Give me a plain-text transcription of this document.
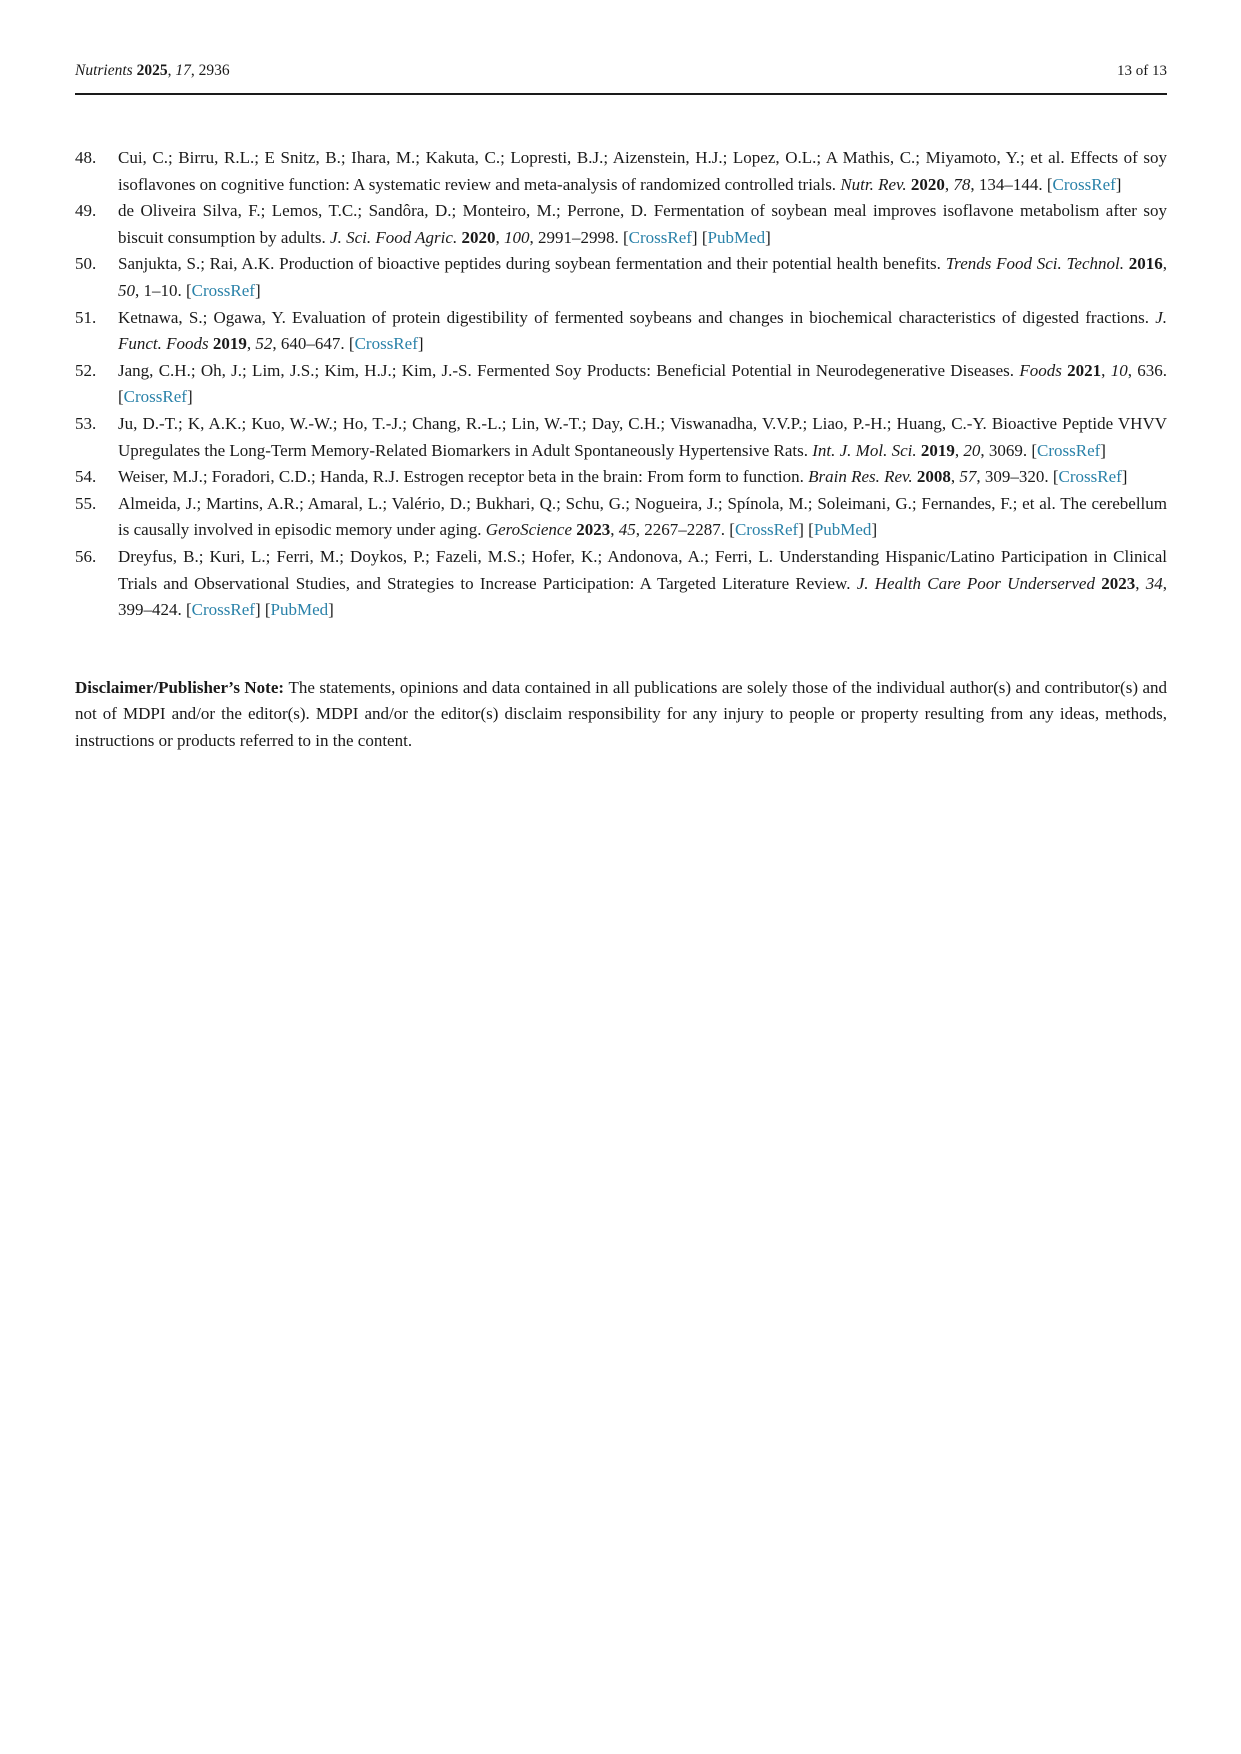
Nutrients 2025, 17, 2936	13 of 13
48.	Cui, C.; Birru, R.L.; E Snitz, B.; Ihara, M.; Kakuta, C.; Lopresti, B.J.; Aizenstein, H.J.; Lopez, O.L.; A Mathis, C.; Miyamoto, Y.; et al. Effects of soy isoflavones on cognitive function: A systematic review and meta-analysis of randomized controlled trials. Nutr. Rev. 2020, 78, 134–144. [CrossRef]

49.	de Oliveira Silva, F.; Lemos, T.C.; Sandôra, D.; Monteiro, M.; Perrone, D. Fermentation of soybean meal improves isoflavone metabolism after soy biscuit consumption by adults. J. Sci. Food Agric. 2020, 100, 2991–2998. [CrossRef] [PubMed]

50.	Sanjukta, S.; Rai, A.K. Production of bioactive peptides during soybean fermentation and their potential health benefits. Trends Food Sci. Technol. 2016, 50, 1–10. [CrossRef]

51.	Ketnawa, S.; Ogawa, Y. Evaluation of protein digestibility of fermented soybeans and changes in biochemical characteristics of digested fractions. J. Funct. Foods 2019, 52, 640–647. [CrossRef]

52.	Jang, C.H.; Oh, J.; Lim, J.S.; Kim, H.J.; Kim, J.-S. Fermented Soy Products: Beneficial Potential in Neurodegenerative Diseases. Foods 2021, 10, 636. [CrossRef]

53.	Ju, D.-T.; K, A.K.; Kuo, W.-W.; Ho, T.-J.; Chang, R.-L.; Lin, W.-T.; Day, C.H.; Viswanadha, V.V.P.; Liao, P.-H.; Huang, C.-Y. Bioactive Peptide VHVV Upregulates the Long-Term Memory-Related Biomarkers in Adult Spontaneously Hypertensive Rats. Int. J. Mol. Sci. 2019, 20, 3069. [CrossRef]

54.	Weiser, M.J.; Foradori, C.D.; Handa, R.J. Estrogen receptor beta in the brain: From form to function. Brain Res. Rev. 2008, 57, 309–320. [CrossRef]

55.	Almeida, J.; Martins, A.R.; Amaral, L.; Valério, D.; Bukhari, Q.; Schu, G.; Nogueira, J.; Spínola, M.; Soleimani, G.; Fernandes, F.; et al. The cerebellum is causally involved in episodic memory under aging. GeroScience 2023, 45, 2267–2287. [CrossRef] [PubMed]

56.	Dreyfus, B.; Kuri, L.; Ferri, M.; Doykos, P.; Fazeli, M.S.; Hofer, K.; Andonova, A.; Ferri, L. Understanding Hispanic/Latino Participation in Clinical Trials and Observational Studies, and Strategies to Increase Participation: A Targeted Literature Review. J. Health Care Poor Underserved 2023, 34, 399–424. [CrossRef] [PubMed]

Disclaimer/Publisher’s Note: The statements, opinions and data contained in all publications are solely those of the individual author(s) and contributor(s) and not of MDPI and/or the editor(s). MDPI and/or the editor(s) disclaim responsibility for any injury to people or property resulting from any ideas, methods, instructions or products referred to in the content.
